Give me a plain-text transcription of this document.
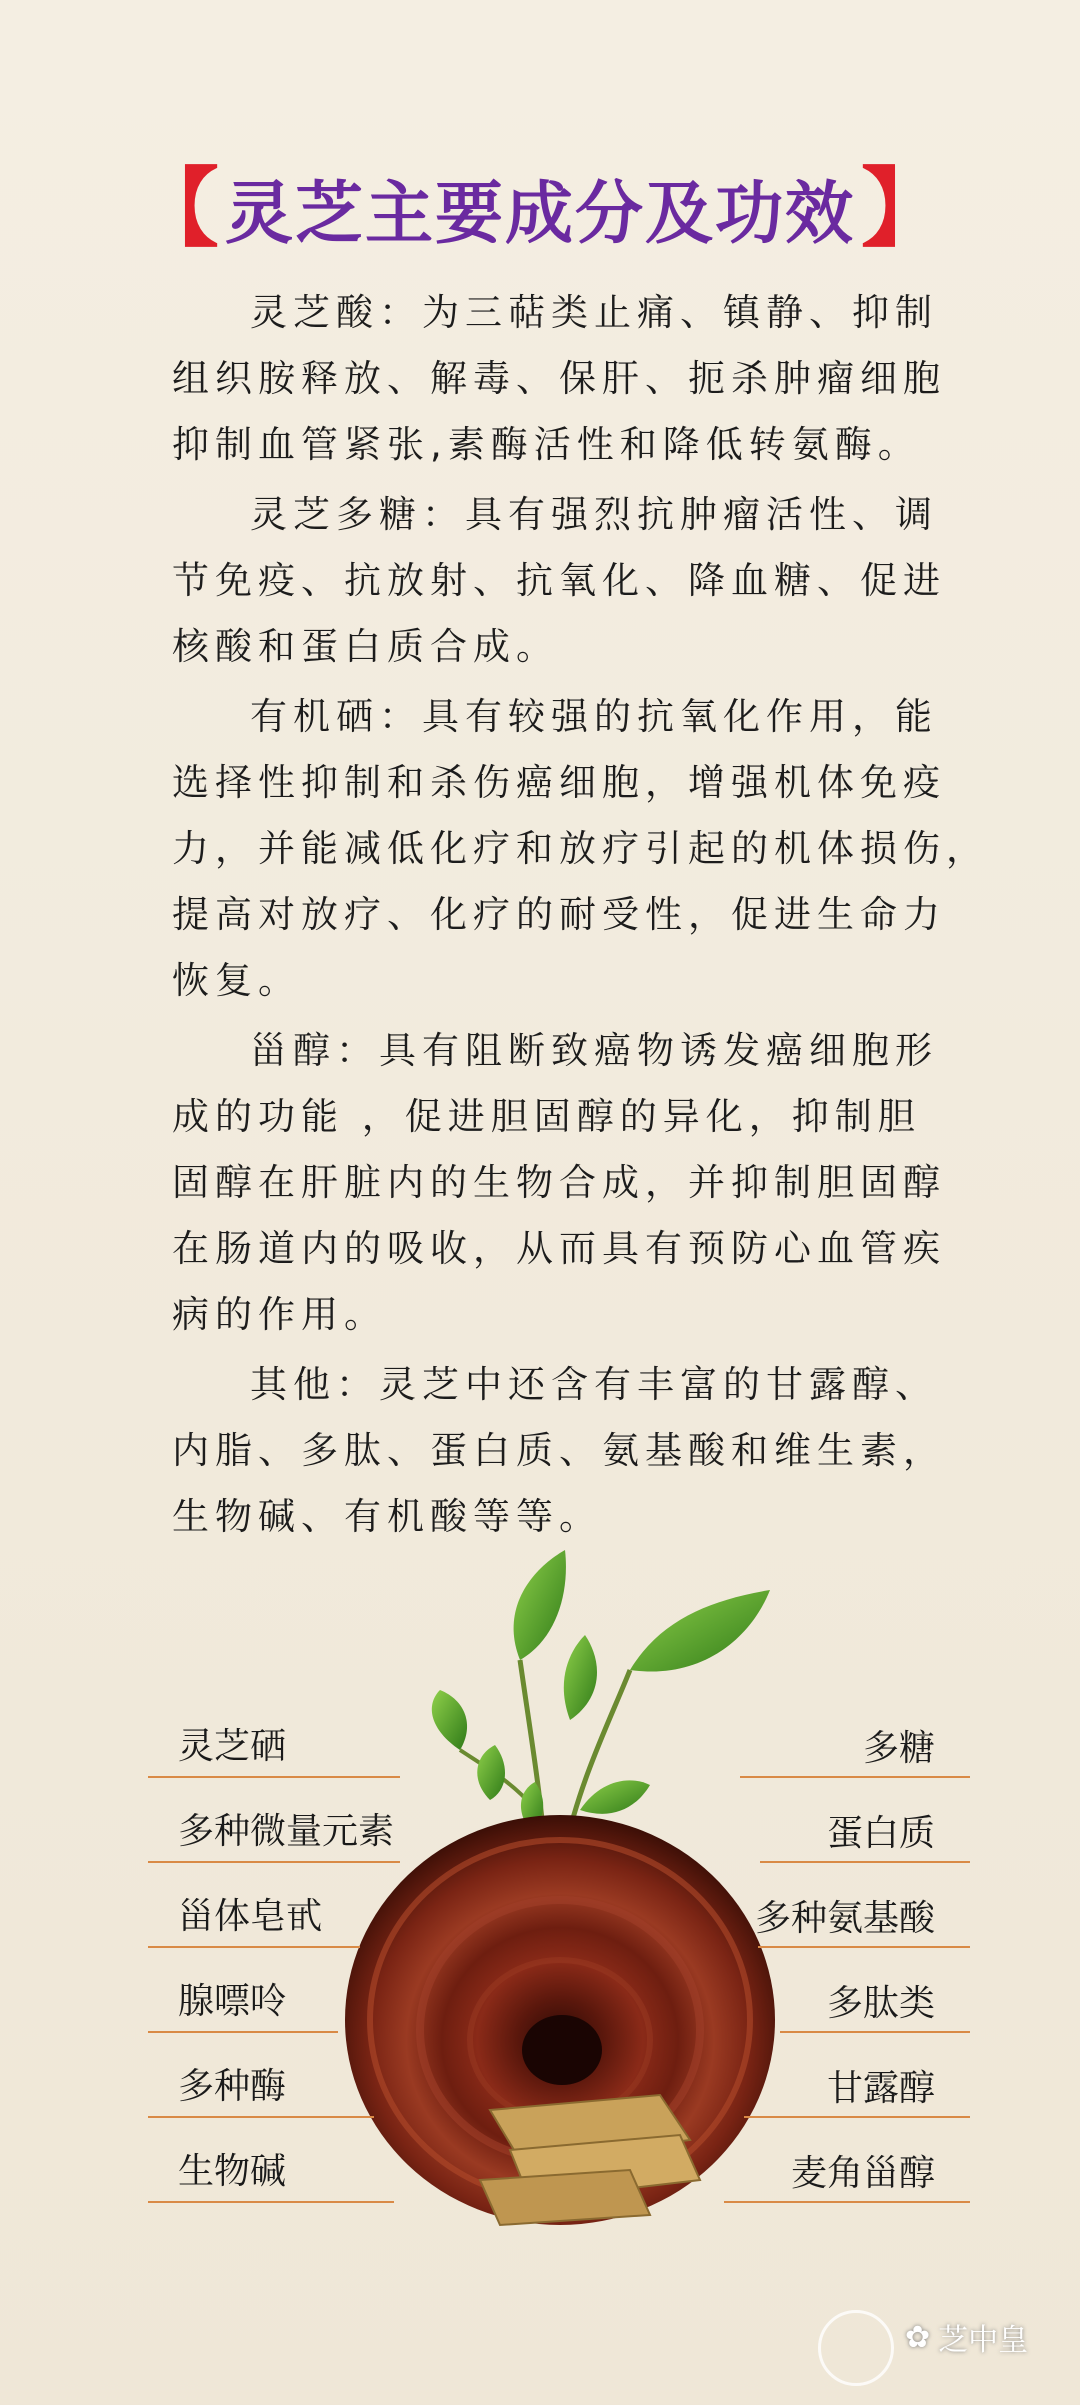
【 灵芝主要成分及功效 】
灵芝酸：为三萜类止痛、镇静、抑制
组织胺释放、解毒、保肝、扼杀肿瘤细胞
抑制血管紧张,素酶活性和降低转氨酶。
灵芝多糖：具有强烈抗肿瘤活性、调
节免疫、抗放射、抗氧化、降血糖、促进
核酸和蛋白质合成。
有机硒：具有较强的抗氧化作用，能
选择性抑制和杀伤癌细胞，增强机体免疫
力，并能减低化疗和放疗引起的机体损伤，
提高对放疗、化疗的耐受性，促进生命力
恢复。
甾醇：具有阻断致癌物诱发癌细胞形
成的功能 ，促进胆固醇的异化，抑制胆
固醇在肝脏内的生物合成，并抑制胆固醇
在肠道内的吸收，从而具有预防心血管疾
病的作用。
其他：灵芝中还含有丰富的甘露醇、
内脂、多肽、蛋白质、氨基酸和维生素，
生物碱、有机酸等等。
灵芝硒
多种微量元素
甾体皂甙
腺嘌呤
多种酶
生物碱
多糖
蛋白质
多种氨基酸
多肽类
甘露醇
麦角甾醇
✿ 芝中皇
